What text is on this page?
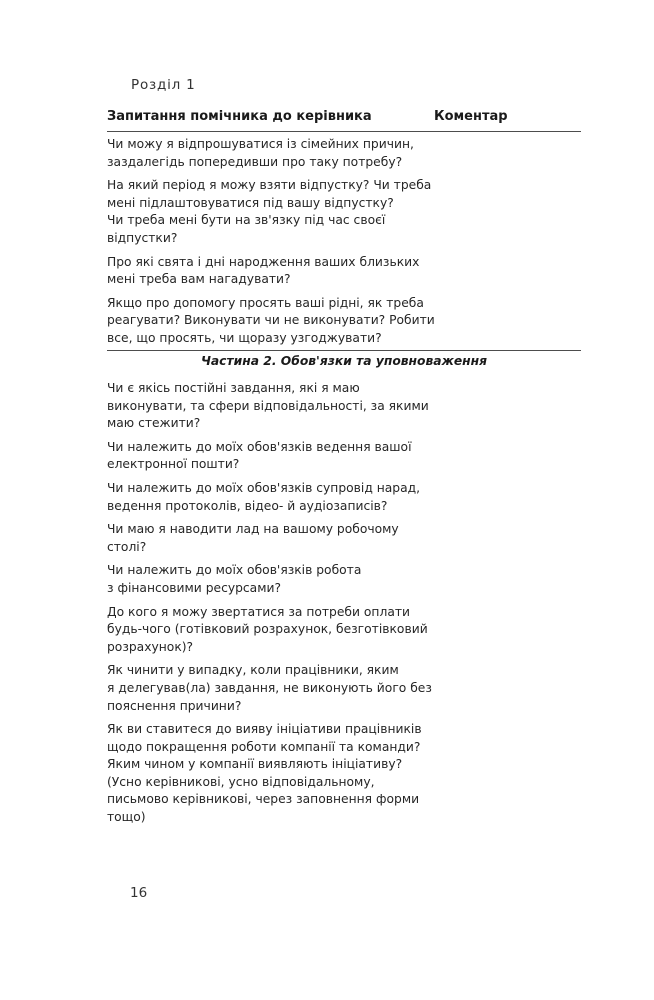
Розділ 1
Запитання помічника до керівника	Коментар
Чи можу я відпрошуватися із сімейних причин,
заздалегідь попередивши про таку потребу?
На який період я можу взяти відпустку? Чи треба
мені підлаштовуватися під вашу відпустку?
Чи треба мені бути на зв'язку під час своєї
відпустки?
Про які свята і дні народження ваших близьких
мені треба вам нагадувати?
Якщо про допомогу просять ваші рідні, як треба
реагувати? Виконувати чи не виконувати? Робити
все, що просять, чи щоразу узгоджувати?
Частина 2. Обов'язки та уповноваження
Чи є якісь постійні завдання, які я маю
виконувати, та сфери відповідальності, за якими
маю стежити?
Чи належить до моїх обов'язків ведення вашої
електронної пошти?
Чи належить до моїх обов'язків супровід нарад,
ведення протоколів, відео- й аудіозаписів?
Чи маю я наводити лад на вашому робочому
столі?
Чи належить до моїх обов'язків робота
з фінансовими ресурсами?
До кого я можу звертатися за потреби оплати
будь-чого (готівковий розрахунок, безготівковий
розрахунок)?
Як чинити у випадку, коли працівники, яким
я делегував(ла) завдання, не виконують його без
пояснення причини?
Як ви ставитеся до вияву ініціативи працівників
щодо покращення роботи компанії та команди?
Яким чином у компанії виявляють ініціативу?
(Усно керівникові, усно відповідальному,
письмово керівникові, через заповнення форми
тощо)
16
